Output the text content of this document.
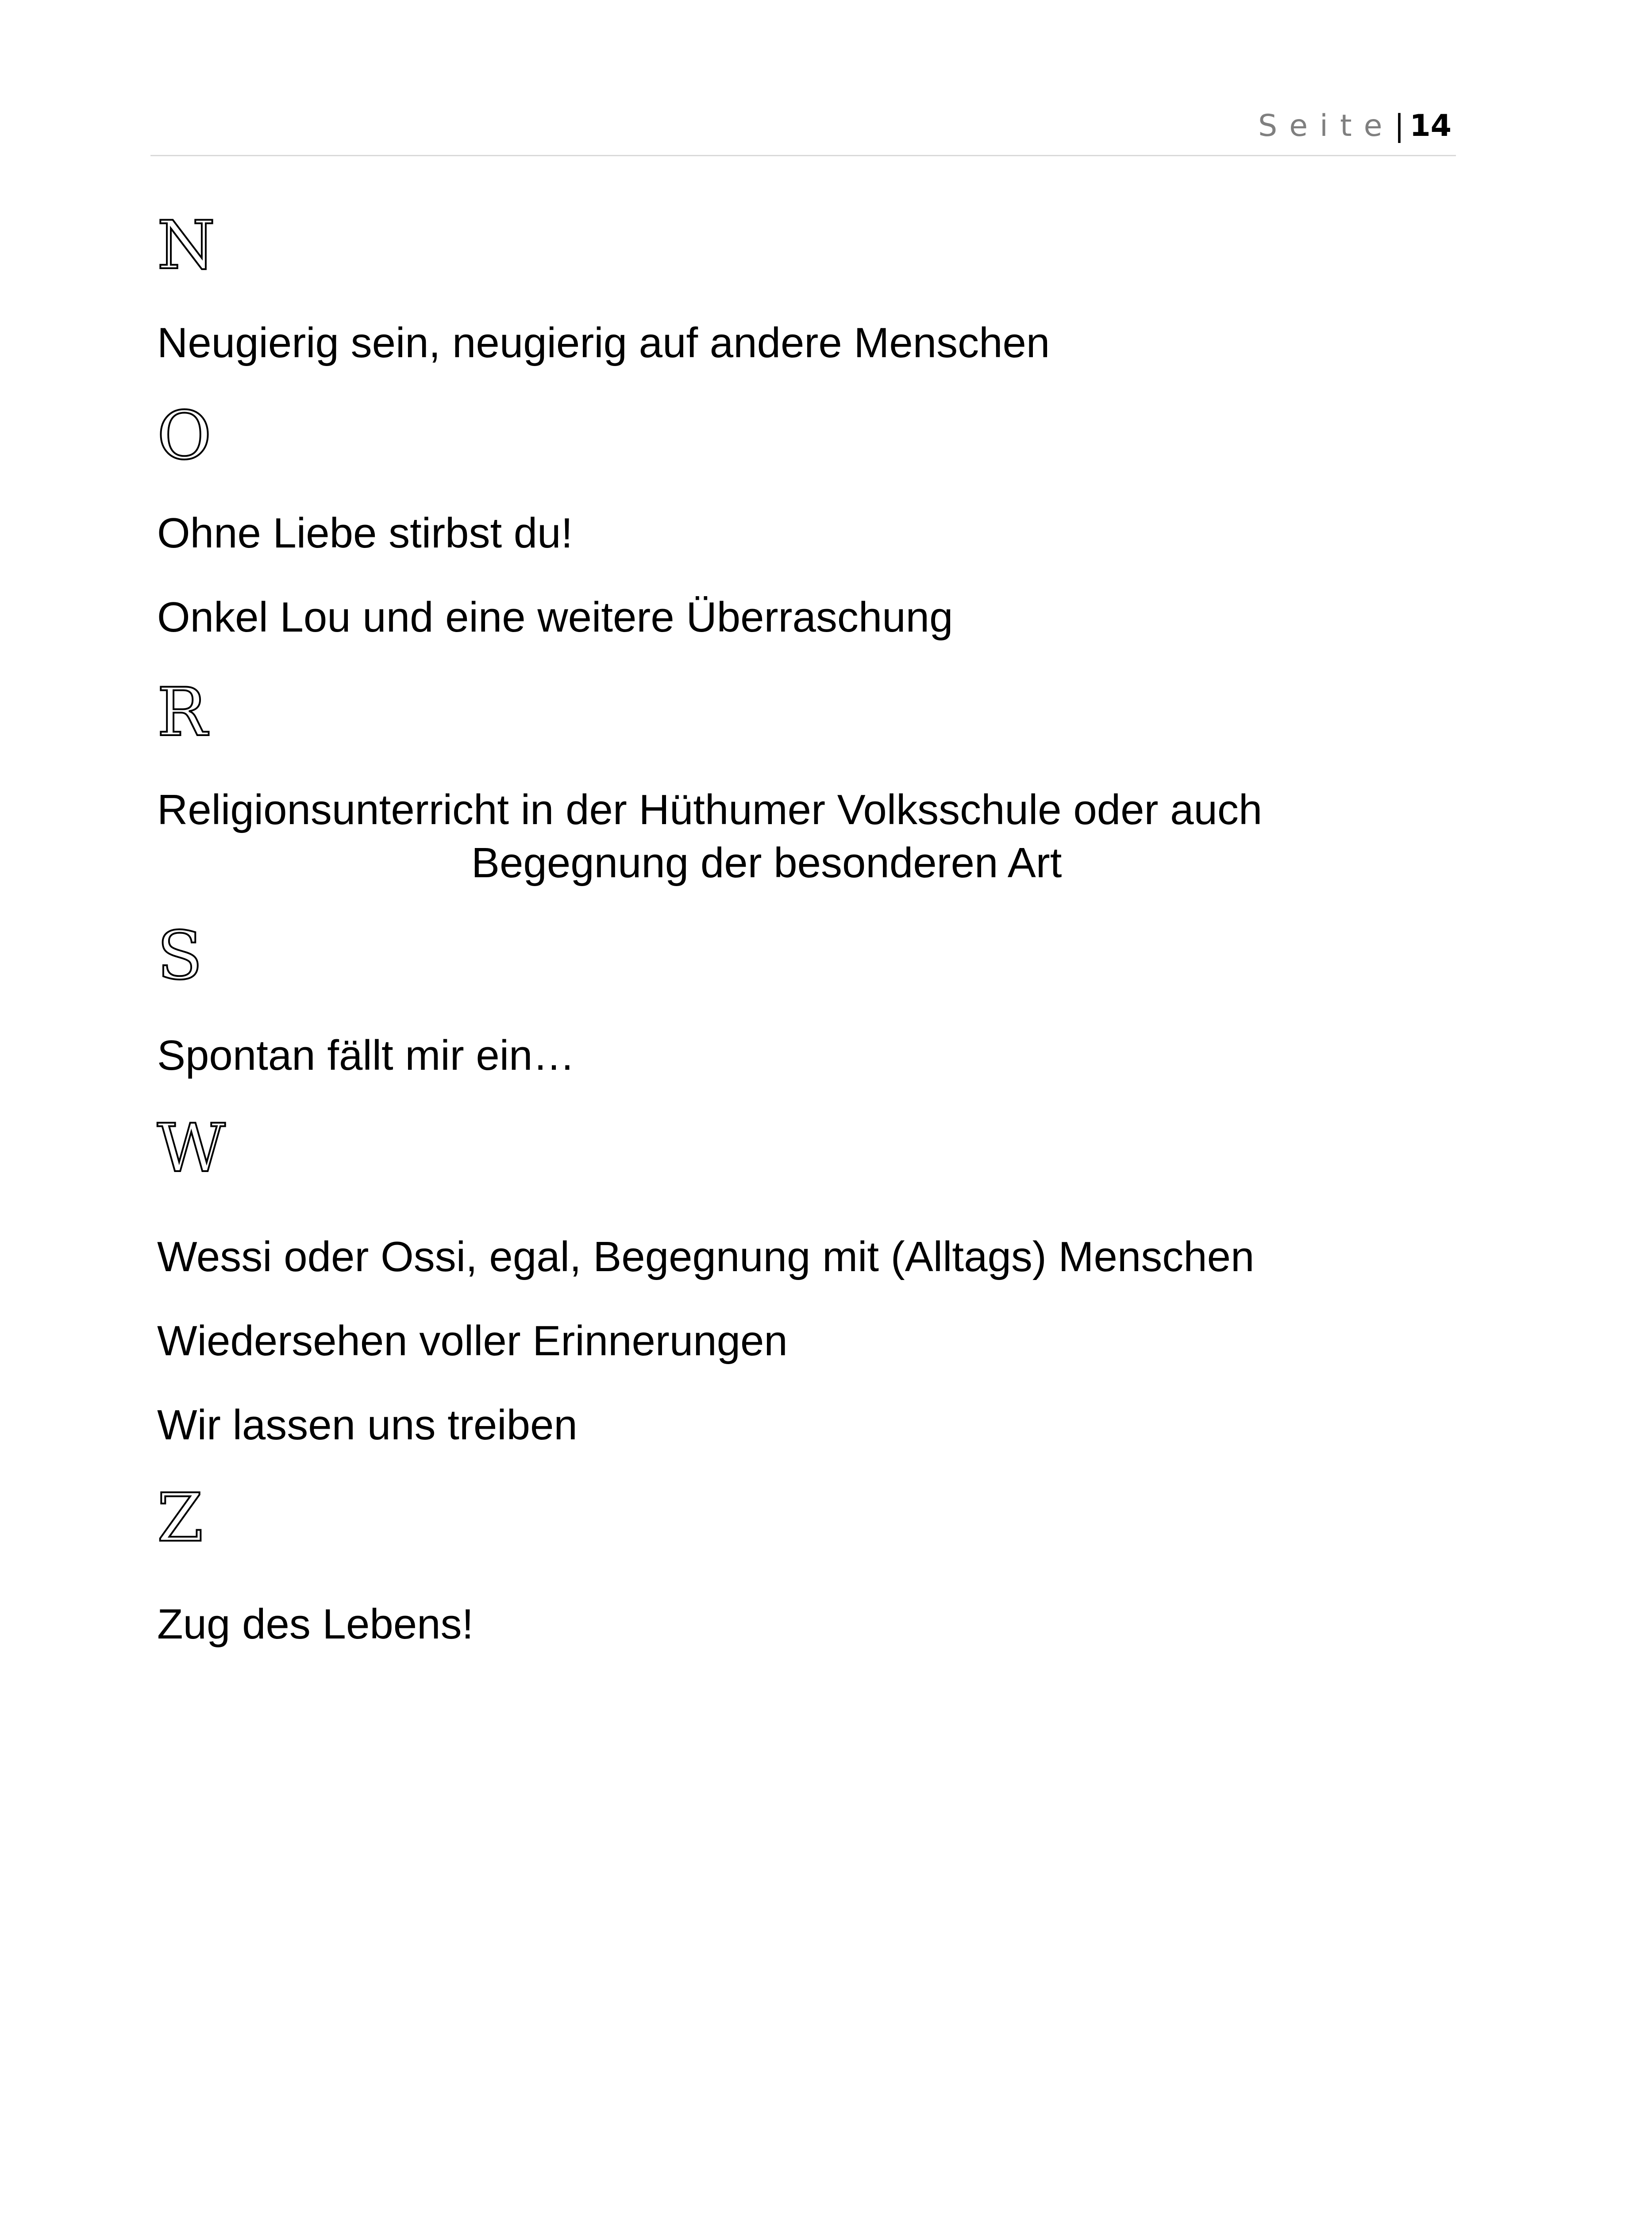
Seite| 14
N
Neugierig sein, neugierig auf andere Menschen
O
Ohne Liebe stirbst du!
Onkel Lou und eine weitere Überraschung
R
Religionsunterricht in der Hüthumer Volksschule oder auch
Begegnung der besonderen Art
S
Spontan fällt mir ein…
W
Wessi oder Ossi, egal, Begegnung mit (Alltags) Menschen
Wiedersehen voller Erinnerungen
Wir lassen uns treiben
Z
Zug des Lebens!
